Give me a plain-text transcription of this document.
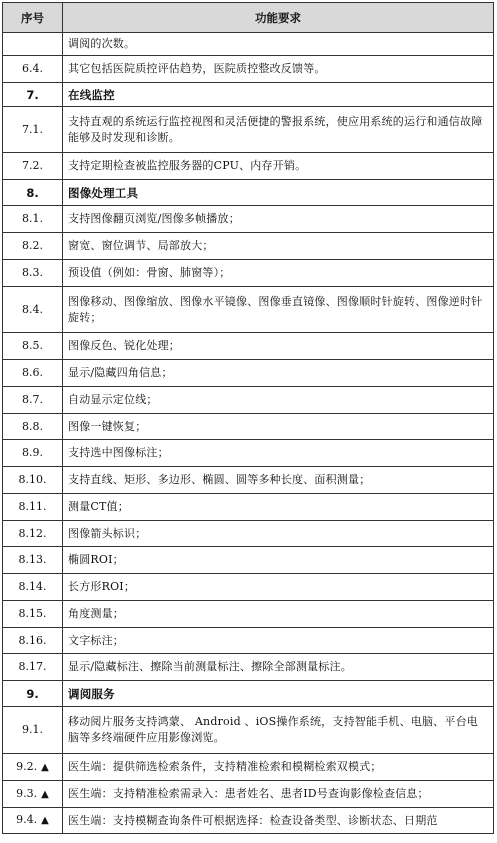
序号	功能要求
	调阅的次数。
6.4.	其它包括医院质控评估趋势，医院质控整改反馈等。
7.	在线监控
7.1.	支持直观的系统运行监控视图和灵活便捷的警报系统，使应用系统的运行和通信故障能够及时发现和诊断。
7.2.	支持定期检查被监控服务器的CPU、内存开销。
8.	图像处理工具
8.1.	支持图像翻页浏览/图像多帧播放；
8.2.	窗宽、窗位调节、局部放大；
8.3.	预设值（例如：骨窗、肺窗等）；
8.4.	图像移动、图像缩放、图像水平镜像、图像垂直镜像、图像顺时针旋转、图像逆时针旋转；
8.5.	图像反色、锐化处理；
8.6.	显示/隐藏四角信息；
8.7.	自动显示定位线；
8.8.	图像一键恢复；
8.9.	支持选中图像标注；
8.10.	支持直线、矩形、多边形、椭圆、圆等多种长度、面积测量；
8.11.	测量CT值；
8.12.	图像箭头标识；
8.13.	椭圆ROI；
8.14.	长方形ROI；
8.15.	角度测量；
8.16.	文字标注；
8.17.	显示/隐藏标注、擦除当前测量标注、擦除全部测量标注。
9.	调阅服务
9.1.	移动阅片服务支持鸿蒙、 Android 、iOS操作系统，支持智能手机、电脑、平台电脑等多终端硬件应用影像浏览。
9.2. ▲	医生端：提供筛选检索条件，支持精准检索和模糊检索双模式；
9.3. ▲	医生端：支持精准检索需录入：患者姓名、患者ID号查询影像检查信息；
9.4. ▲	医生端：支持模糊查询条件可根据选择：检查设备类型、诊断状态、日期范
